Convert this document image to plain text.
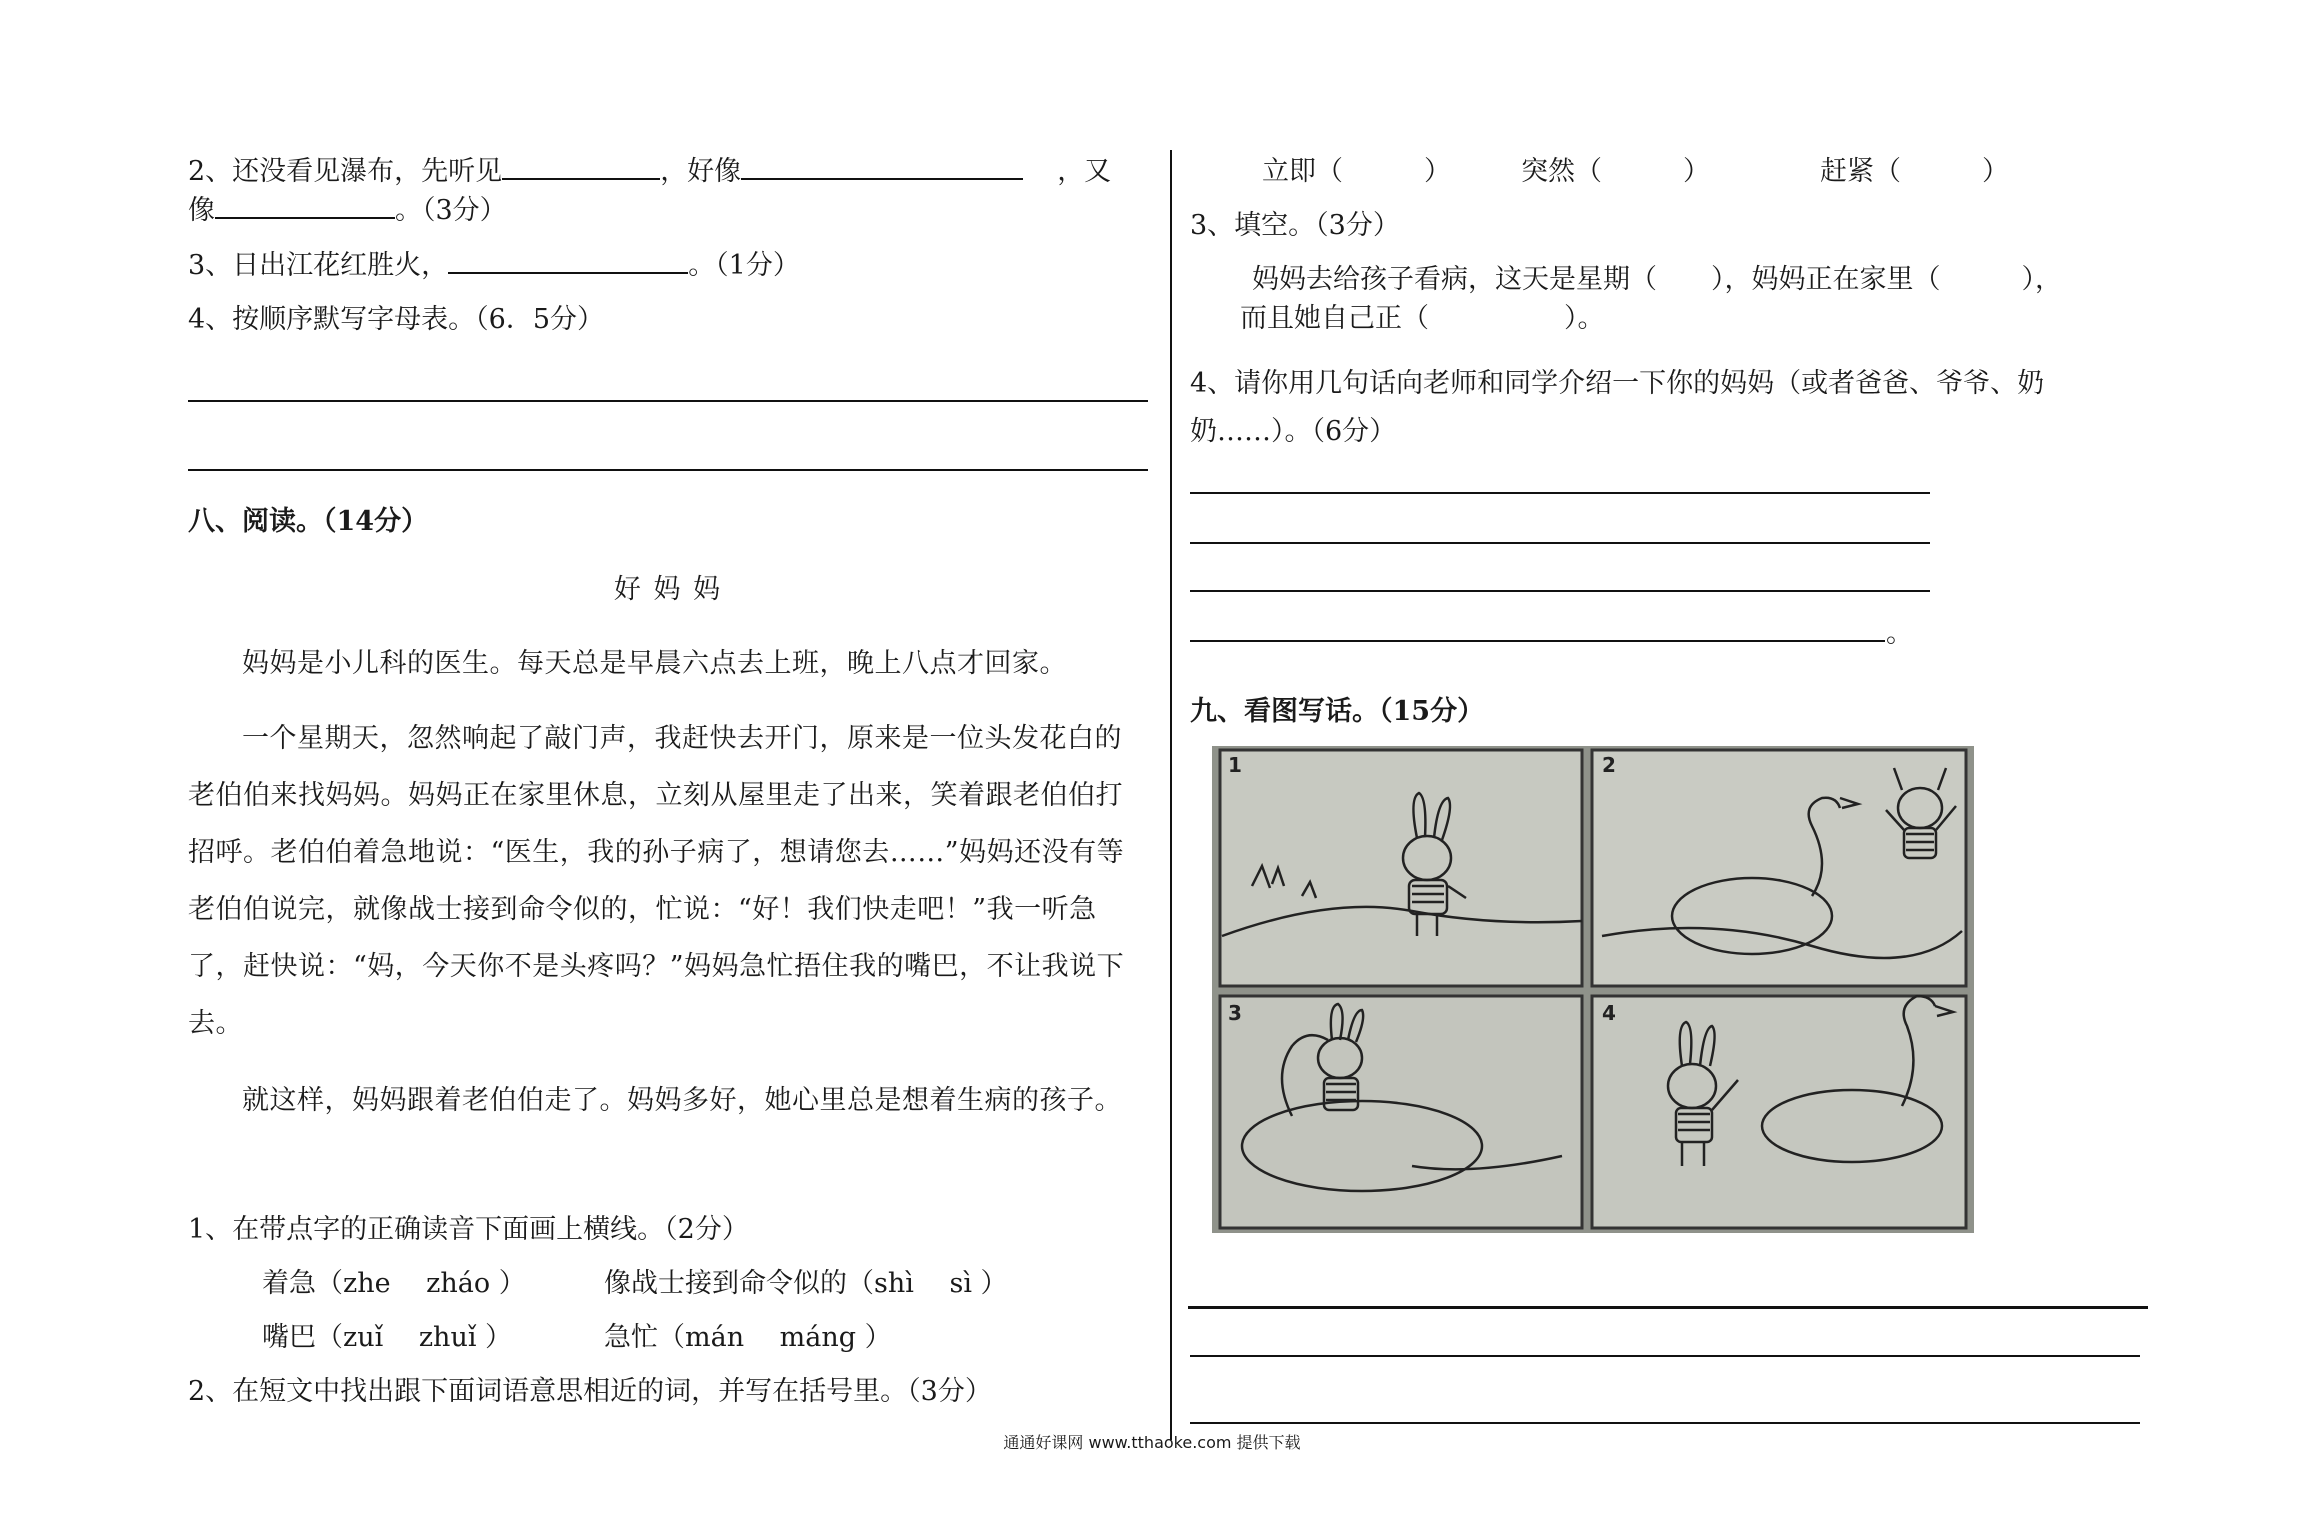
2、还没看见瀑布，先听见	，好像	，又
像	。（3分）
3、日出江花红胜火，	。（1分）
4、按顺序默写字母表。（6．5分）
八、阅读。（14分）
好 妈 妈
妈妈是小儿科的医生。每天总是早晨六点去上班，晚上八点才回家。
一个星期天，忽然响起了敲门声，我赶快去开门，原来是一位头发花白的老伯伯来找妈妈。妈妈正在家里休息，立刻从屋里走了出来，笑着跟老伯伯打招呼。老伯伯着急地说：“医生，我的孙子病了，想请您去……”妈妈还没有等老伯伯说完，就像战士接到命令似的，忙说：“好！我们快走吧！”我一听急了，赶快说：“妈，今天你不是头疼吗？”妈妈急忙捂住我的嘴巴，不让我说下去。
就这样，妈妈跟着老伯伯走了。妈妈多好，她心里总是想着生病的孩子。
1、在带点字的正确读音下面画上横线。（2分）
着急（zhe　 zháo ）	像战士接到命令似的（shì　 sì ）
嘴巴（zuǐ　 zhuǐ ）	急忙（mán　 máng ）
2、在短文中找出跟下面词语意思相近的词，并写在括号里。（3分）
立即（　　　）	突然（　　　）	赶紧（　　　）
3、填空。（3分）
妈妈去给孩子看病，这天是星期（　　），妈妈正在家里（　　　），
而且她自己正（　　　　　）。
4、请你用几句话向老师和同学介绍一下你的妈妈（或者爸爸、爷爷、奶
奶……）。（6分）
。
九、看图写话。（15分）
1	2
3	4
通通好课网 www.tthaoke.com 提供下载
